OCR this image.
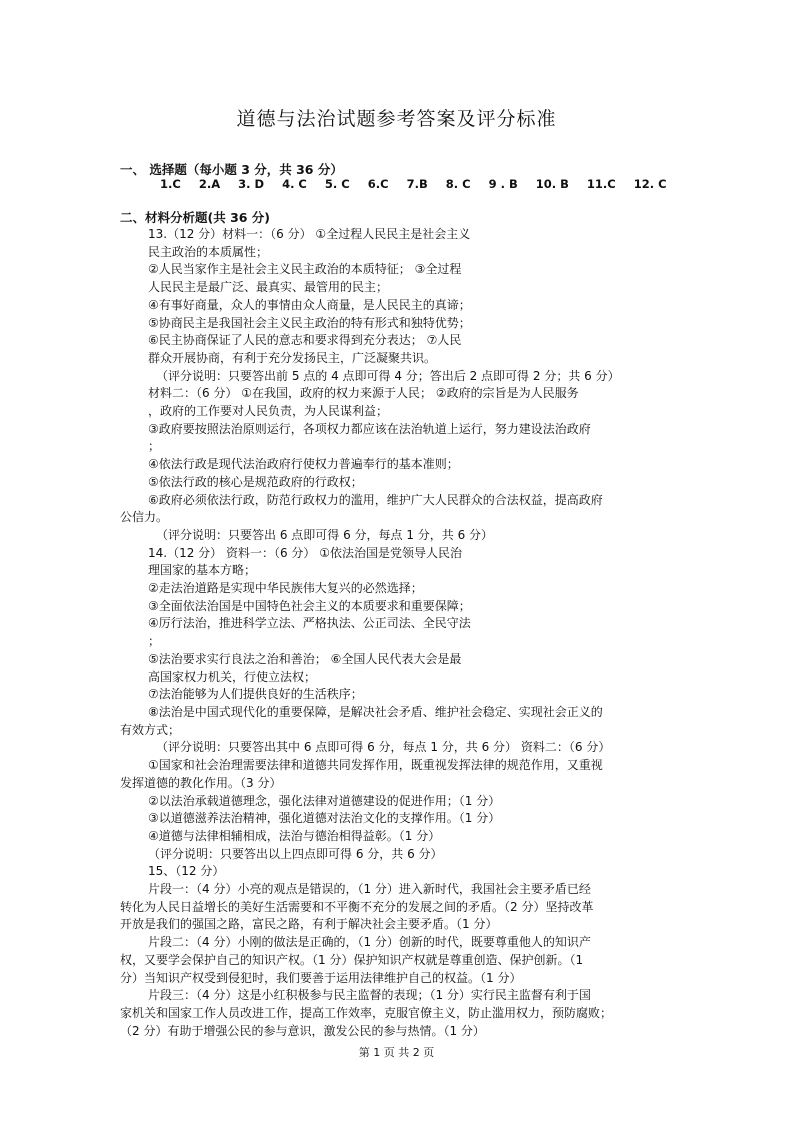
道德与法治试题参考答案及评分标准
一、 选择题（每小题 3 分，共 36 分）
1.C 2.A 3. D 4. C 5. C 6.C 7.B 8. C 9 . B 10. B 11.C 12. C
二、材料分析题(共 36 分)

13.（12 分）材料一：（6 分） ①全过程人民民主是社会主义

民主政治的本质属性；

②人民当家作主是社会主义民主政治的本质特征； ③全过程

人民民主是最广泛、最真实、最管用的民主；

④有事好商量，众人的事情由众人商量，是人民民主的真谛；

⑤协商民主是我国社会主义民主政治的特有形式和独特优势；

⑥民主协商保证了人民的意志和要求得到充分表达； ⑦人民

群众开展协商，有利于充分发扬民主，广泛凝聚共识。

（评分说明：只要答出前 5 点的 4 点即可得 4 分；答出后 2 点即可得 2 分；共 6 分）

材料二：（6 分） ①在我国，政府的权力来源于人民； ②政府的宗旨是为人民服务

，政府的工作要对人民负责，为人民谋利益；

③政府要按照法治原则运行，各项权力都应该在法治轨道上运行，努力建设法治政府

；

④依法行政是现代法治政府行使权力普遍奉行的基本准则；

⑤依法行政的核心是规范政府的行政权；

⑥政府必须依法行政，防范行政权力的滥用，维护广大人民群众的合法权益，提高政府

公信力。

（评分说明：只要答出 6 点即可得 6 分，每点 1 分，共 6 分）

14.（12 分） 资料一：（6 分） ①依法治国是党领导人民治

理国家的基本方略；

②走法治道路是实现中华民族伟大复兴的必然选择；

③全面依法治国是中国特色社会主义的本质要求和重要保障；

④厉行法治，推进科学立法、严格执法、公正司法、全民守法

；

⑤法治要求实行良法之治和善治； ⑥全国人民代表大会是最

高国家权力机关，行使立法权；

⑦法治能够为人们提供良好的生活秩序；

⑧法治是中国式现代化的重要保障，是解决社会矛盾、维护社会稳定、实现社会正义的

有效方式；

（评分说明：只要答出其中 6 点即可得 6 分，每点 1 分，共 6 分） 资料二：（6 分）

①国家和社会治理需要法律和道德共同发挥作用，既重视发挥法律的规范作用，又重视

发挥道德的教化作用。（3 分）

②以法治承载道德理念，强化法律对道德建设的促进作用；（1 分）

③以道德滋养法治精神，强化道德对法治文化的支撑作用。（1 分）

④道德与法律相辅相成，法治与德治相得益彰。（1 分）

（评分说明：只要答出以上四点即可得 6 分，共 6 分）

15、（12 分）

片段一：（4 分）小亮的观点是错误的，（1 分）进入新时代，我国社会主要矛盾已经

转化为人民日益增长的美好生活需要和不平衡不充分的发展之间的矛盾。（2 分）坚持改革

开放是我们的强国之路，富民之路，有利于解决社会主要矛盾。（1 分）

片段二：（4 分）小刚的做法是正确的，（1 分）创新的时代，既要尊重他人的知识产

权，又要学会保护自己的知识产权。（1 分）保护知识产权就是尊重创造、保护创新。（1

分）当知识产权受到侵犯时，我们要善于运用法律维护自己的权益。（1 分）

片段三：（4 分）这是小红积极参与民主监督的表现；（1 分）实行民主监督有利于国

家机关和国家工作人员改进工作，提高工作效率，克服官僚主义，防止滥用权力，预防腐败；

（2 分）有助于增强公民的参与意识，激发公民的参与热情。（1 分）

第 1 页 共 2 页
